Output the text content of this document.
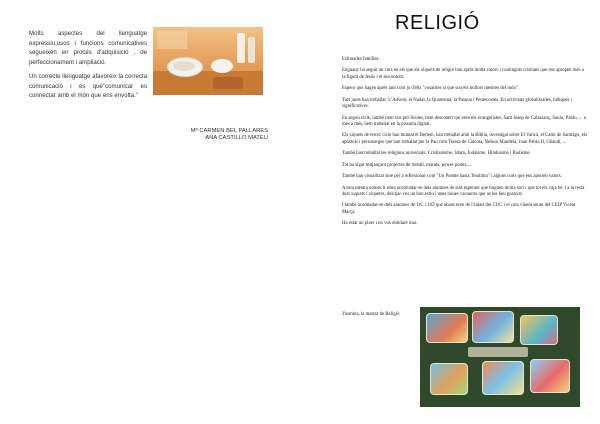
Molts aspectes del llenguatge expressiu,usos i funcions comunicatives segueixen en procés d'adquisició , de perfeccionament i ampliació.

Un correcte llenguatge afavoreix la correcta comunicació i es què"comunicar es connectar amb el món que ens envolta."

Mª CARMEN BEL PALLARES
ANA CASTILLO MATEU
RELIGIÓ

Estimades famílies:

Enguany ha seguit un curs en els que els xiquets de religió han après molts valors i continguts cristians que ens apropen més a la figura de Jesús i el seu entorn.

Espero que hagen après tant com jo d'ells "vosaltres sí que sou els millors mestres del món".

Tots junts han treballat: L'Advent, el Nadal, la Quaresma, la Pasqua i Pentecostès. En activitats globalitzades, lúdiques i significatives.

En segon cicle, també hem vist pel·lícules, hem descobert qui eren els evangelistes, Sant Josep de Calassanç, Saulo, Pablo, ... a més a més, hem treballat en la pissarra digital.

Els xiquets de tercer cicle han muntat el Betlem, han treballat amb la Bíblia, investigat sobre El Vaticà, el Camí de Santiago, els apòstols i personatges que han treballat per la Pau com Teresa de Calcuta, Nelson Mandela, Juan Pablo II, Ghandi, ...

També han treballat les religions universals: Cristianisme, Islam, Judaisme, Hinduisme i Budisme.

Tot ha sigut mitjançant projectes de treball, murals, power points,...

També han visualitzat sine per a reflexionar com "Un Puente hasta Terabitia" i alguns curts que ens aporten valors.

A esta mestra només li resta acomiadar-se dels alumnes de sisè esperant que tinguen molta sort i que tot els vaja bé, i a la resta dels xiquets i xiquetes, desitjar-vos un bon estiu i unes bones vacances que us les heu guanyat.

I també acomiadar-se dels alumnes de 1rC i 1rD que abans eren de l'aulari del CUC i el curs vinent seran del CEIP Vicent Marçà.

Ha estat un plaer i no vos oblidaré mai.

Yasmina, la mestra de Religió
